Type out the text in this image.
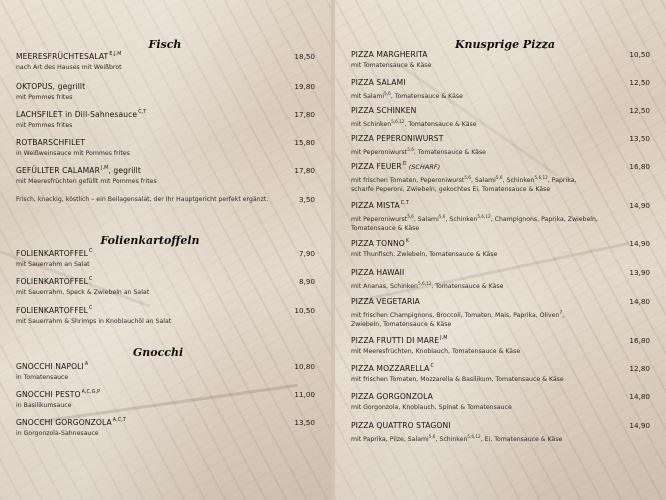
Fisch
$MEERESFRÜCHTESALAT^{E,J,M}$
nach Art des Hauses mit Weißbrot
18,50
OKTOPUS, gegrillt
mit Pommes frites
19,80
LACHSFILET in Dill-Sahnesauce$^{C,T}$
mit Pommes frites
17,80
ROTBARSCHFILET
in Weißweinsauce mit Pommes frites
15,80
GEFÜLLTER $CALAMAR^{J,M}$, gegrillt
mit Meeresfrüchten gefüllt mit Pommes frites
17,80
Frisch, knackig, köstlich – ein Beilagensalat, der Ihr Hauptgericht perfekt ergänzt.	3,50
Folienkartoffeln
$FOLIENKARTOFFEL^C$
mit Sauerrahm an Salat
7,90
$FOLIENKARTOFFEL^C$
mit Sauerrahm, Speck & Zwiebeln an Salat
8,90
$FOLIENKARTOFFEL^C$
mit Sauerrahm & Shrimps in Knoblauchöl an Salat
10,50
Gnocchi
GNOCCHI $NAPOLI^A$
in Tomatensauce
10,80
GNOCCHI $PESTO^{A,C,G,P}$
in Basilikumsauce
11,00
GNOCCHI $GORGONZOLA^{A,C,T}$
in Gorgonzola-Sahnesauce
13,50
Knusprige Pizza
PIZZA MARGHERITA
mit Tomatensauce & Käse
10,50
PIZZA SALAMI
mit Salami$^{5,6}$, Tomatensauce & Käse
12,50
PIZZA SCHINKEN
mit Schinken$^{5,6,12}$, Tomatensauce & Käse
12,50
PIZZA PEPERONIWURST
mit Peperoniwurst$^{5,6}$, Tomatensauce & Käse
13,50
PIZZA $FEUER^D$ (SCHARF)
mit frischen Tomaten, Peperoniwurst$^{5,6}$, Salami$^{5,6}$, Schinken$^{5,6,12}$, Paprika,
scharfe Peperoni, Zwiebeln, gekochtes Ei, Tomatensauce & Käse
16,80
PIZZA $MISTA^{C,T}$
mit Peperoniwurst$^{5,6}$, Salami$^{5,6}$, Schinken$^{5,6,12}$, Champignons, Paprika, Zwiebeln,
Tomatensauce & Käse
14,90
PIZZA $TONNO^K$
mit Thunfisch, Zwiebeln, Tomatensauce & Käse
14,90
PIZZA HAWAII
mit Ananas, Schinken$^{5,6,12}$, Tomatensauce & Käse
13,90
PIZZA VEGETARIA
mit frischen Champignons, Broccoli, Tomaten, Mais, Paprika, Oliven$^7$,
Zwiebeln, Tomatensauce & Käse
14,80
PIZZA FRUTTI DI $MARE^{J,M}$
mit Meeresfrüchten, Knoblauch, Tomatensauce & Käse
16,80
PIZZA $MOZZARELLA^C$
mit frischen Tomaten, Mozzarella & Basilikum, Tomatensauce & Käse
12,80
PIZZA GORGONZOLA
mit Gorgonzola, Knoblauch, Spinat & Tomatensauce
14,80
PIZZA QUATTRO STAGONI
mit Paprika, Pilze, Salami$^{5,6}$, Schinken$^{5,6,12}$, Ei, Tomatensauce & Käse
14,90
